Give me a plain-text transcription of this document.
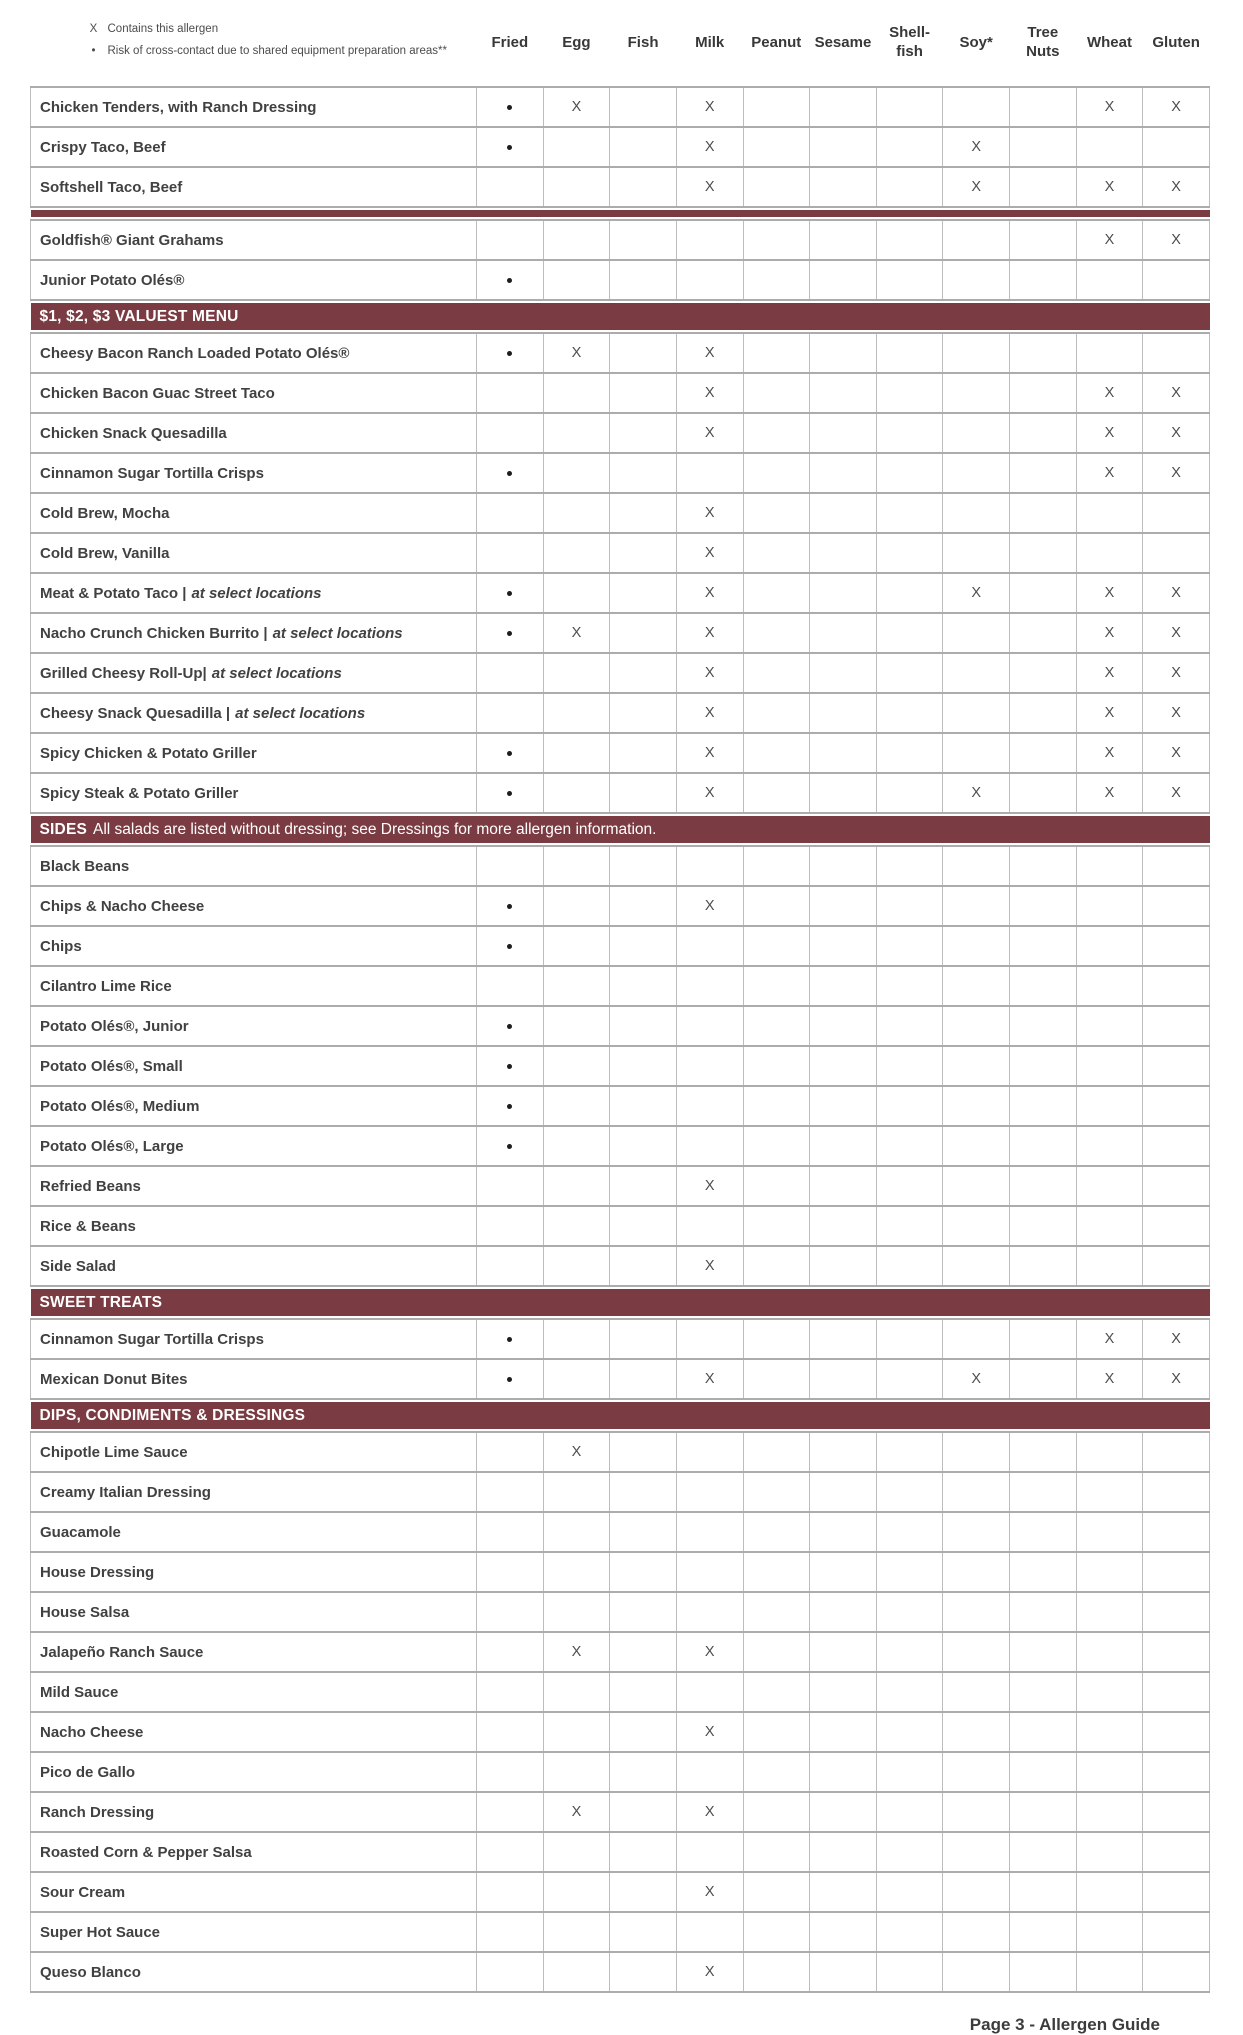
X Contains this allergen
• Risk of cross-contact due to shared equipment preparation areas**	Fried	Egg	Fish	Milk	Peanut	Sesame	Shell-fish	Soy*	Tree Nuts	Wheat	Gluten
Chicken Tenders, with Ranch Dressing		X		X						X	X
Crispy Taco, Beef				X				X			
Softshell Taco, Beef				X				X		X	X

Goldfish® Giant Grahams										X	X
Junior Potato Olés®											

$1, $2, $3 VALUEST MENU											

Cheesy Bacon Ranch Loaded Potato Olés®		X		X							
Chicken Bacon Guac Street Taco				X						X	X
Chicken Snack Quesadilla				X						X	X
Cinnamon Sugar Tortilla Crisps										X	X
Cold Brew, Mocha				X							
Cold Brew, Vanilla				X							
Meat & Potato Taco | at select locations				X				X		X	X
Nacho Crunch Chicken Burrito | at select locations		X		X						X	X
Grilled Cheesy Roll-Up| at select locations				X						X	X
Cheesy Snack Quesadilla | at select locations				X						X	X
Spicy Chicken & Potato Griller				X						X	X
Spicy Steak & Potato Griller				X				X		X	X

SIDES All salads are listed without dressing; see Dressings for more allergen information.											

Black Beans											
Chips & Nacho Cheese				X							
Chips											
Cilantro Lime Rice											
Potato Olés®, Junior											
Potato Olés®, Small											
Potato Olés®, Medium											
Potato Olés®, Large											
Refried Beans				X							
Rice & Beans											
Side Salad				X							

SWEET TREATS											

Cinnamon Sugar Tortilla Crisps										X	X
Mexican Donut Bites				X				X		X	X

DIPS, CONDIMENTS & DRESSINGS											

Chipotle Lime Sauce		X									
Creamy Italian Dressing											
Guacamole											
House Dressing											
House Salsa											
Jalapeño Ranch Sauce		X		X							
Mild Sauce											
Nacho Cheese				X							
Pico de Gallo											
Ranch Dressing		X		X							
Roasted Corn & Pepper Salsa											
Sour Cream				X							
Super Hot Sauce											
Queso Blanco				X							
Page 3 - Allergen Guide
